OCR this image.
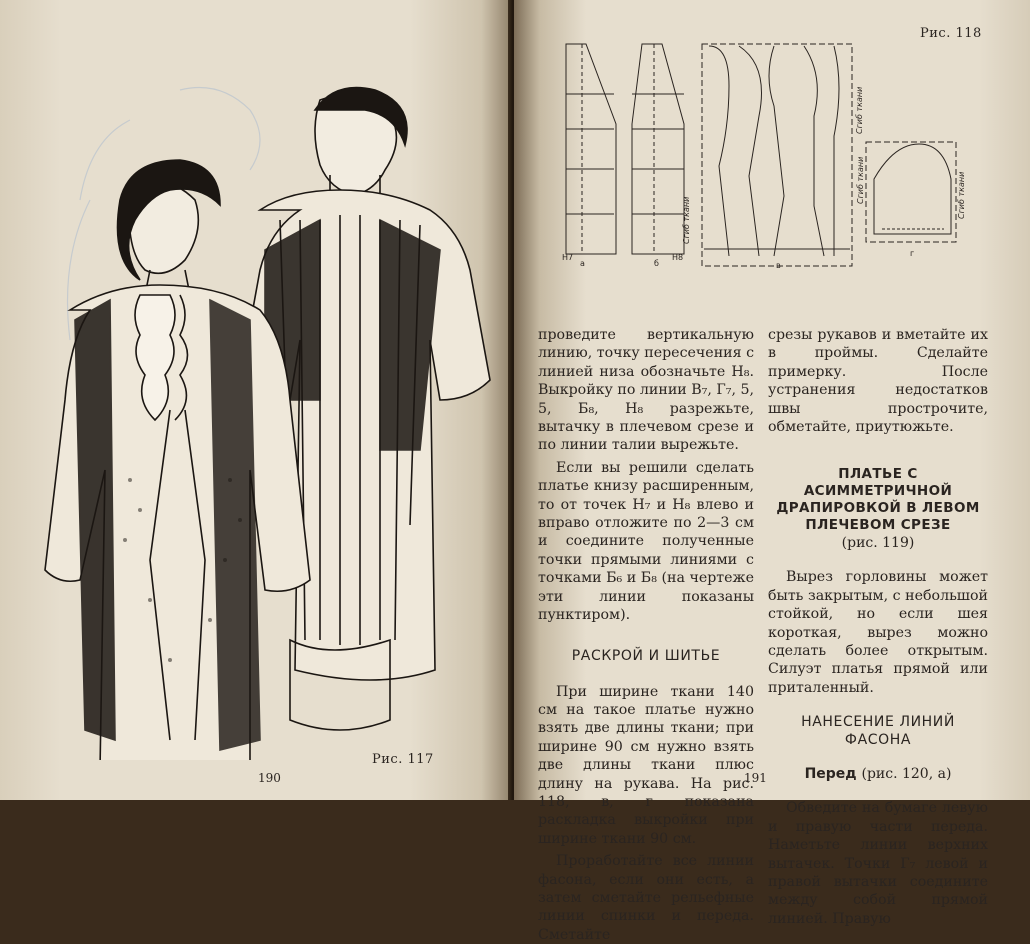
Рис. 117
190
Рис. 118
а
Н7
б
Н8
в
г
Сгиб ткани
Сгиб ткани
Сгиб ткани
Сгиб ткани

проведите вертикальную линию, точку пересечения с линией низа обозначьте Н₈. Выкройку по линии В₇, Г₇, 5, 5, Б₈, Н₈ разрежьте, вытачку в плечевом срезе и по линии талии вырежьте.

Если вы решили сделать платье книзу расширенным, то от точек Н₇ и Н₈ влево и вправо отложите по 2—3 см и соедините полученные точки прямыми линиями с точками Б₆ и Б₈ (на чертеже эти линии показаны пунктиром).

РАСКРОЙ И ШИТЬЕ

При ширине ткани 140 см на такое платье нужно взять две длины ткани; при ширине 90 см нужно взять две длины ткани плюс длину на рукава. На рис. 118, в, г показана раскладка выкройки при ширине ткани 90 см.

Проработайте все линии фасона, если они есть, а затем сметайте рельефные линии спинки и переда. Сметайте

срезы рукавов и вметайте их в проймы. Сделайте примерку. После устранения недостатков швы прострочите, обметайте, приутюжьте.

ПЛАТЬЕ С АСИММЕТРИЧНОЙ ДРАПИРОВКОЙ В ЛЕВОМ ПЛЕЧЕВОМ СРЕЗЕ
(рис. 119)

Вырез горловины может быть закрытым, с небольшой стойкой, но если шея короткая, вырез можно сделать более открытым. Силуэт платья прямой или приталенный.

НАНЕСЕНИЕ ЛИНИЙ ФАСОНА
Перед (рис. 120, а)

Обведите на бумаге левую и правую части переда. Наметьте линии верхних вытачек. Точки Г₇ левой и правой вытачки соедините между собой прямой линией. Правую

191
